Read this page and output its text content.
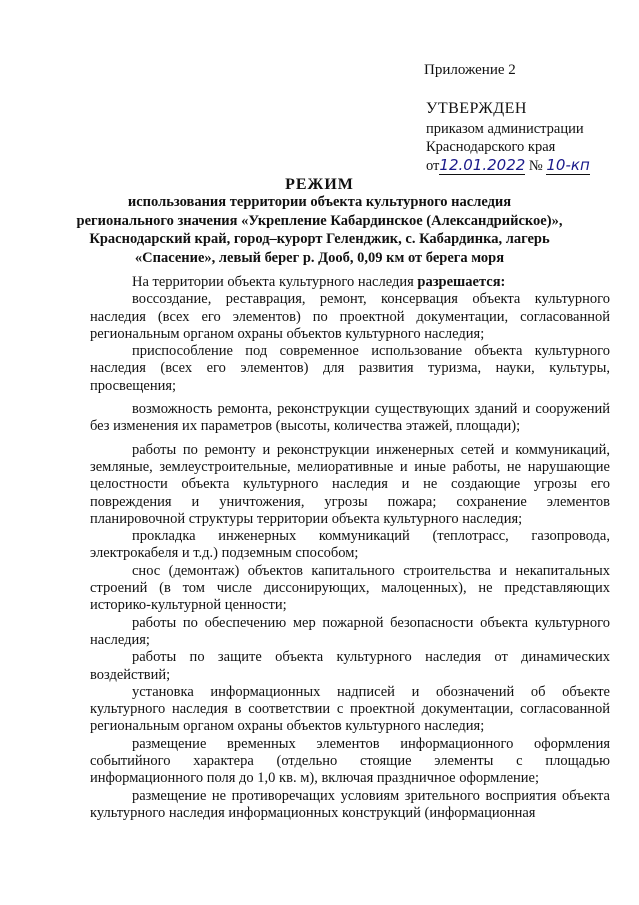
Приложение 2
УТВЕРЖДЕН
приказом администрации
Краснодарского края
от12.01.2022 № 10-кп
РЕЖИМ
использования территории объекта культурного наследия
регионального значения «Укрепление Кабардинское (Александрийское)»,
Краснодарский край, город–курорт Геленджик, с. Кабардинка, лагерь
«Спасение», левый берег р. Дооб, 0,09 км от берега моря

На территории объекта культурного наследия разрешается:

воссоздание, реставрация, ремонт, консервация объекта культурного наследия (всех его элементов) по проектной документации, согласованной региональным органом охраны объектов культурного наследия;

приспособление под современное использование объекта культурного наследия (всех его элементов) для развития туризма, науки, культуры, просвещения;

возможность ремонта, реконструкции существующих зданий и сооружений без изменения их параметров (высоты, количества этажей, площади);

работы по ремонту и реконструкции инженерных сетей и коммуникаций, земляные, землеустроительные, мелиоративные и иные работы, не нарушающие целостности объекта культурного наследия и не создающие угрозы его повреждения и уничтожения, угрозы пожара; сохранение элементов планировочной структуры территории объекта культурного наследия;

прокладка инженерных коммуникаций (теплотрасс, газопровода, электрокабеля и т.д.) подземным способом;

снос (демонтаж) объектов капитального строительства и некапитальных строений (в том числе диссонирующих, малоценных), не представляющих историко-культурной ценности;

работы по обеспечению мер пожарной безопасности объекта культурного наследия;

работы по защите объекта культурного наследия от динамических воздействий;

установка информационных надписей и обозначений об объекте культурного наследия в соответствии с проектной документации, согласованной региональным органом охраны объектов культурного наследия;

размещение временных элементов информационного оформления событийного характера (отдельно стоящие элементы с площадью информационного поля до 1,0 кв. м), включая праздничное оформление;

размещение не противоречащих условиям зрительного восприятия объекта культурного наследия информационных конструкций (информационная
